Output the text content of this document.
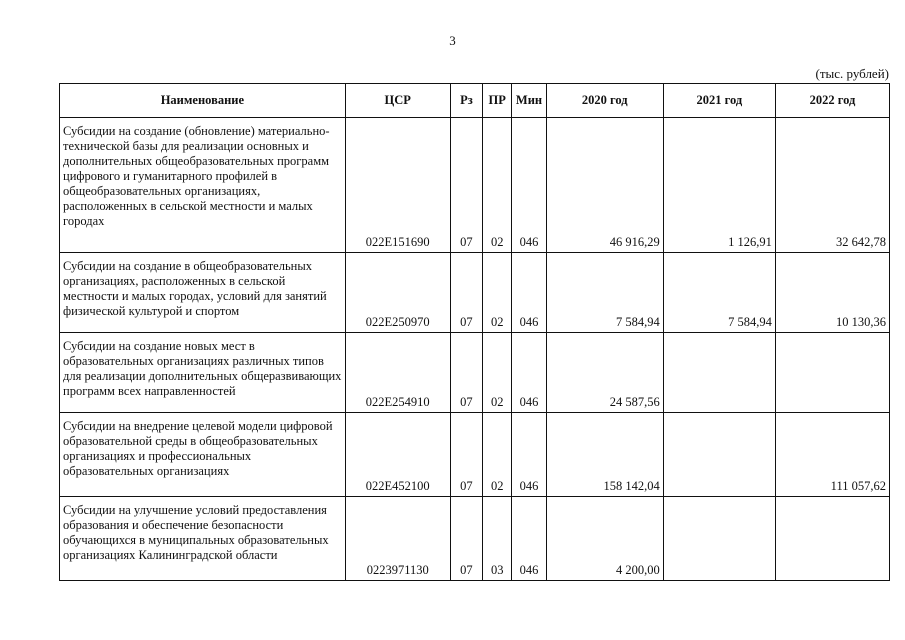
3
(тыс. рублей)
Наименование	ЦСР	Рз	ПР	Мин	2020 год	2021 год	2022 год
Субсидии на создание (обновление) материально-технической базы для реализации основных и дополнительных общеобразовательных программ цифрового и гуманитарного профилей в общеобразовательных организациях, расположенных в сельской местности и малых городах	022E151690	07	02	046	46 916,29	1 126,91	32 642,78
Субсидии на создание в общеобразовательных организациях, расположенных в сельской местности и малых городах, условий для занятий физической культурой и спортом	022E250970	07	02	046	7 584,94	7 584,94	10 130,36
Субсидии на создание новых мест в образовательных организациях различных типов для реализации дополнительных общеразвивающих программ всех направленностей	022E254910	07	02	046	24 587,56		
Субсидии на внедрение целевой модели цифровой образовательной среды в общеобразовательных организациях и профессиональных образовательных организациях	022E452100	07	02	046	158 142,04		111 057,62
Субсидии на улучшение условий предоставления образования и обеспечение безопасности обучающихся в муниципальных образовательных организациях Калининградской области	0223971130	07	03	046	4 200,00		
